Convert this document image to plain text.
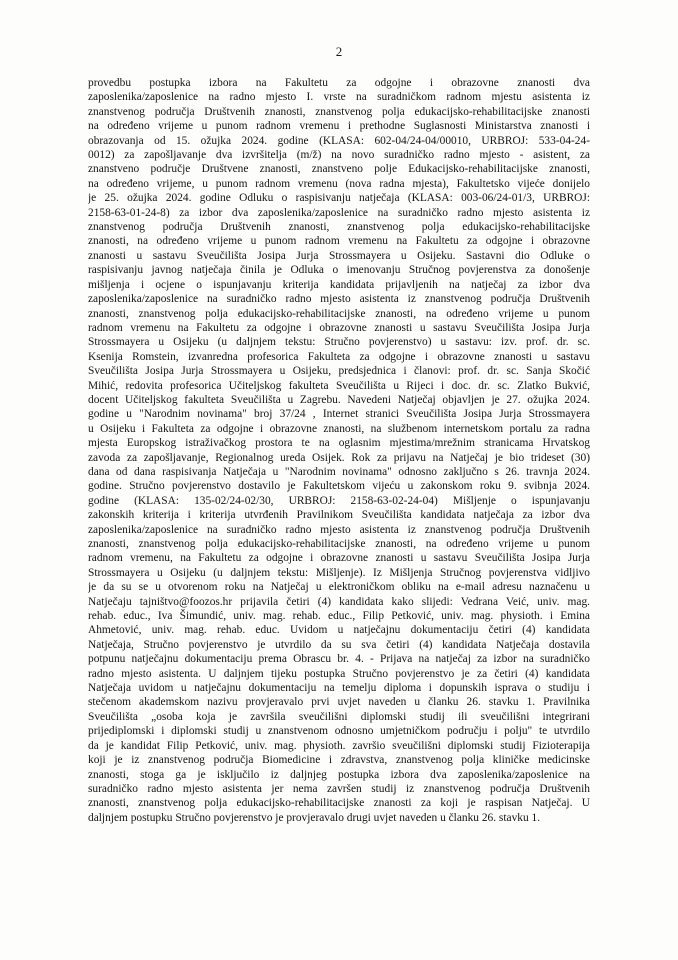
2
provedbu postupka izbora na Fakultetu za odgojne i obrazovne znanosti dva
zaposlenika/zaposlenice na radno mjesto I. vrste na suradničkom radnom mjestu asistenta iz
znanstvenog područja Društvenih znanosti, znanstvenog polja edukacijsko-rehabilitacijske znanosti
na određeno vrijeme u punom radnom vremenu i prethodne Suglasnosti Ministarstva znanosti i
obrazovanja od 15. ožujka 2024. godine (KLASA: 602-04/24-04/00010, URBROJ: 533-04-24-
0012) za zapošljavanje dva izvršitelja (m/ž) na novo suradničko radno mjesto - asistent, za
znanstveno područje Društvene znanosti, znanstveno polje Edukacijsko-rehabilitacijske znanosti,
na određeno vrijeme, u punom radnom vremenu (nova radna mjesta), Fakultetsko vijeće donijelo
je 25. ožujka 2024. godine Odluku o raspisivanju natječaja (KLASA: 003-06/24-01/3, URBROJ:
2158-63-01-24-8) za izbor dva zaposlenika/zaposlenice na suradničko radno mjesto asistenta iz
znanstvenog područja Društvenih znanosti, znanstvenog polja edukacijsko-rehabilitacijske
znanosti, na određeno vrijeme u punom radnom vremenu na Fakultetu za odgojne i obrazovne
znanosti u sastavu Sveučilišta Josipa Jurja Strossmayera u Osijeku. Sastavni dio Odluke o
raspisivanju javnog natječaja činila je Odluka o imenovanju Stručnog povjerenstva za donošenje
mišljenja i ocjene o ispunjavanju kriterija kandidata prijavljenih na natječaj za izbor dva
zaposlenika/zaposlenice na suradničko radno mjesto asistenta iz znanstvenog područja Društvenih
znanosti, znanstvenog polja edukacijsko-rehabilitacijske znanosti, na određeno vrijeme u punom
radnom vremenu na Fakultetu za odgojne i obrazovne znanosti u sastavu Sveučilišta Josipa Jurja
Strossmayera u Osijeku (u daljnjem tekstu: Stručno povjerenstvo) u sastavu: izv. prof. dr. sc.
Ksenija Romstein, izvanredna profesorica Fakulteta za odgojne i obrazovne znanosti u sastavu
Sveučilišta Josipa Jurja Strossmayera u Osijeku, predsjednica i članovi: prof. dr. sc. Sanja Skočić
Mihić, redovita profesorica Učiteljskog fakulteta Sveučilišta u Rijeci i doc. dr. sc. Zlatko Bukvić,
docent Učiteljskog fakulteta Sveučilišta u Zagrebu. Navedeni Natječaj objavljen je 27. ožujka 2024.
godine u "Narodnim novinama" broj 37/24 , Internet stranici Sveučilišta Josipa Jurja Strossmayera
u Osijeku i Fakulteta za odgojne i obrazovne znanosti, na službenom internetskom portalu za radna
mjesta Europskog istraživačkog prostora te na oglasnim mjestima/mrežnim stranicama Hrvatskog
zavoda za zapošljavanje, Regionalnog ureda Osijek. Rok za prijavu na Natječaj je bio trideset (30)
dana od dana raspisivanja Natječaja u "Narodnim novinama" odnosno zaključno s 26. travnja 2024.
godine. Stručno povjerenstvo dostavilo je Fakultetskom vijeću u zakonskom roku 9. svibnja 2024.
godine (KLASA: 135-02/24-02/30, URBROJ: 2158-63-02-24-04) Mišljenje o ispunjavanju
zakonskih kriterija i kriterija utvrđenih Pravilnikom Sveučilišta kandidata natječaja za izbor dva
zaposlenika/zaposlenice na suradničko radno mjesto asistenta iz znanstvenog područja Društvenih
znanosti, znanstvenog polja edukacijsko-rehabilitacijske znanosti, na određeno vrijeme u punom
radnom vremenu, na Fakultetu za odgojne i obrazovne znanosti u sastavu Sveučilišta Josipa Jurja
Strossmayera u Osijeku (u daljnjem tekstu: Mišljenje). Iz Mišljenja Stručnog povjerenstva vidljivo
je da su se u otvorenom roku na Natječaj u elektroničkom obliku na e-mail adresu naznačenu u
Natječaju tajništvo@foozos.hr prijavila četiri (4) kandidata kako slijedi: Vedrana Veić, univ. mag.
rehab. educ., Iva Šimundić, univ. mag. rehab. educ., Filip Petković, univ. mag. physioth. i Emina
Ahmetović, univ. mag. rehab. educ. Uvidom u natječajnu dokumentaciju četiri (4) kandidata
Natječaja, Stručno povjerenstvo je utvrdilo da su sva četiri (4) kandidata Natječaja dostavila
potpunu natječajnu dokumentaciju prema Obrascu br. 4. - Prijava na natječaj za izbor na suradničko
radno mjesto asistenta. U daljnjem tijeku postupka Stručno povjerenstvo je za četiri (4) kandidata
Natječaja uvidom u natječajnu dokumentaciju na temelju diploma i dopunskih isprava o studiju i
stečenom akademskom nazivu provjeravalo prvi uvjet naveden u članku 26. stavku 1. Pravilnika
Sveučilišta „osoba koja je završila sveučilišni diplomski studij ili sveučilišni integrirani
prijediplomski i diplomski studij u znanstvenom odnosno umjetničkom području i polju" te utvrdilo
da je kandidat Filip Petković, univ. mag. physioth. završio sveučilišni diplomski studij Fizioterapija
koji je iz znanstvenog područja Biomedicine i zdravstva, znanstvenog polja kliničke medicinske
znanosti, stoga ga je isključilo iz daljnjeg postupka izbora dva zaposlenika/zaposlenice na
suradničko radno mjesto asistenta jer nema završen studij iz znanstvenog područja Društvenih
znanosti, znanstvenog polja edukacijsko-rehabilitacijske znanosti za koji je raspisan Natječaj. U
daljnjem postupku Stručno povjerenstvo je provjeravalo drugi uvjet naveden u članku 26. stavku 1.
